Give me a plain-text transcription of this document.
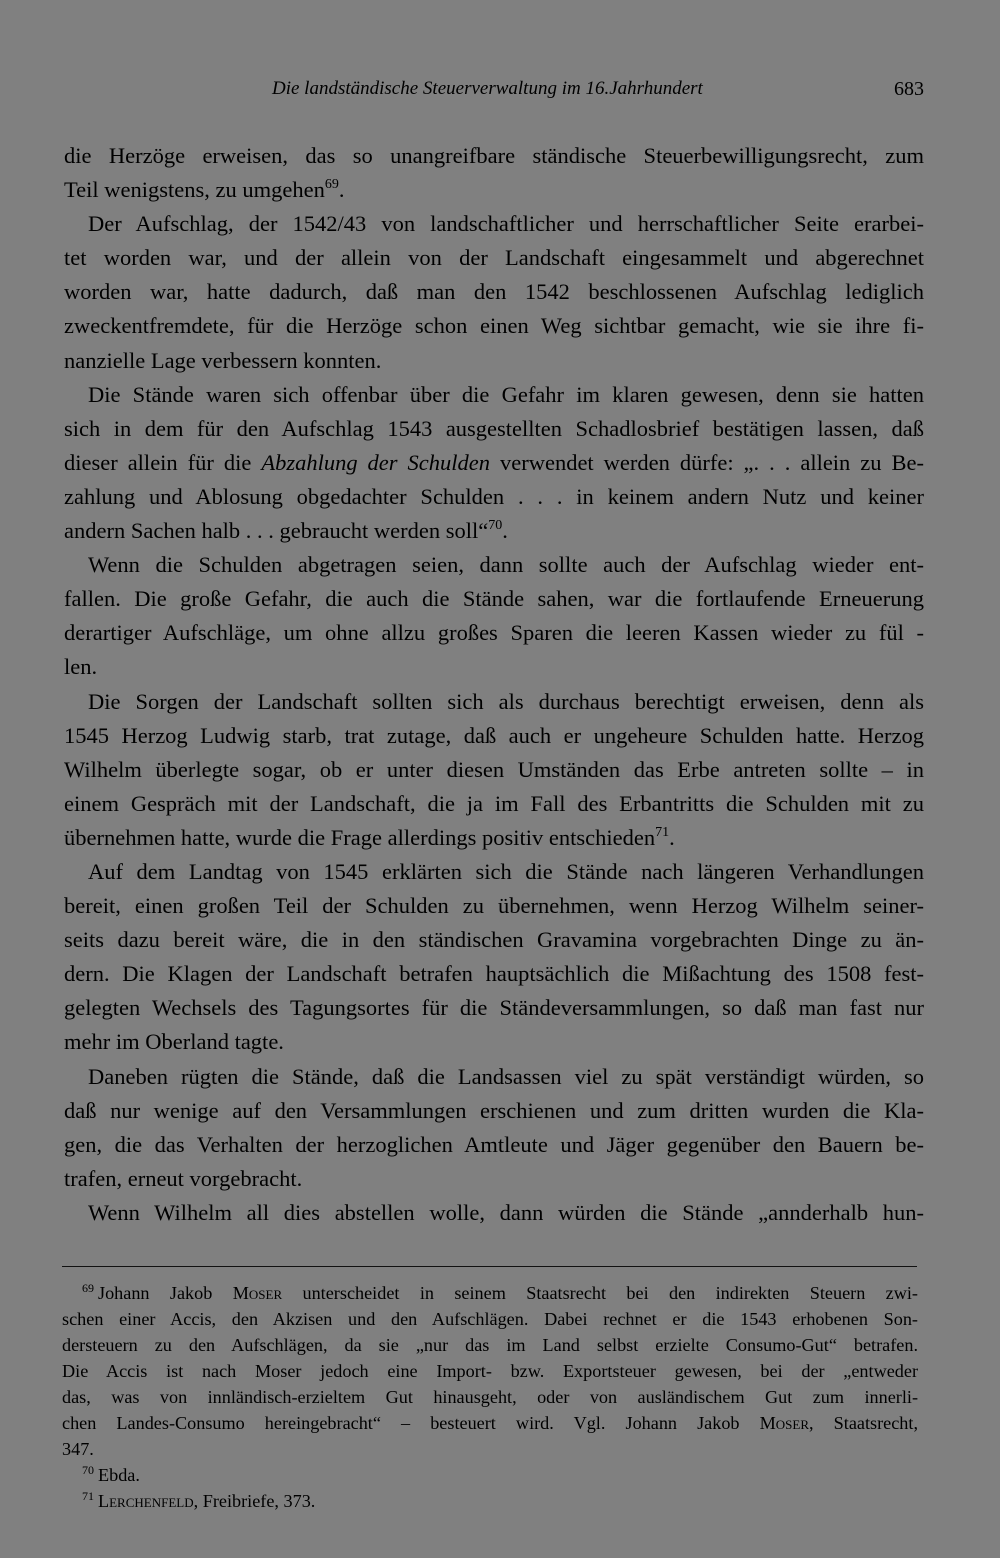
Die landständische Steuerverwaltung im 16.Jahrhundert	683

die Herzöge erweisen, das so unangreifbare ständische Steuerbewilligungsrecht, zum
Teil wenigstens, zu umgehen$^{69}$.

Der Aufschlag, der 1542/43 von landschaftlicher und herrschaftlicher Seite erarbei-
tet worden war, und der allein von der Landschaft eingesammelt und abgerechnet
worden war, hatte dadurch, daß man den 1542 beschlossenen Aufschlag lediglich
zweckentfremdete, für die Herzöge schon einen Weg sichtbar gemacht, wie sie ihre fi-
nanzielle Lage verbessern konnten.

Die Stände waren sich offenbar über die Gefahr im klaren gewesen, denn sie hatten
sich in dem für den Aufschlag 1543 ausgestellten Schadlosbrief bestätigen lassen, daß
dieser allein für die Abzahlung der Schulden verwendet werden dürfe: „. . . allein zu Be-
zahlung und Ablosung obgedachter Schulden . . . in keinem andern Nutz und keiner
andern Sachen halb . . . gebraucht werden soll“$^{70}$.

Wenn die Schulden abgetragen seien, dann sollte auch der Aufschlag wieder ent-
fallen. Die große Gefahr, die auch die Stände sahen, war die fortlaufende Erneuerung
derartiger Aufschläge, um ohne allzu großes Sparen die leeren Kassen wieder zu fül -
len.

Die Sorgen der Landschaft sollten sich als durchaus berechtigt erweisen, denn als
1545 Herzog Ludwig starb, trat zutage, daß auch er ungeheure Schulden hatte. Herzog
Wilhelm überlegte sogar, ob er unter diesen Umständen das Erbe antreten sollte – in
einem Gespräch mit der Landschaft, die ja im Fall des Erbantritts die Schulden mit zu
übernehmen hatte, wurde die Frage allerdings positiv entschieden$^{71}$.

Auf dem Landtag von 1545 erklärten sich die Stände nach längeren Verhandlungen
bereit, einen großen Teil der Schulden zu übernehmen, wenn Herzog Wilhelm seiner-
seits dazu bereit wäre, die in den ständischen Gravamina vorgebrachten Dinge zu än-
dern. Die Klagen der Landschaft betrafen hauptsächlich die Mißachtung des 1508 fest-
gelegten Wechsels des Tagungsortes für die Ständeversammlungen, so daß man fast nur
mehr im Oberland tagte.

Daneben rügten die Stände, daß die Landsassen viel zu spät verständigt würden, so
daß nur wenige auf den Versammlungen erschienen und zum dritten wurden die Kla-
gen, die das Verhalten der herzoglichen Amtleute und Jäger gegenüber den Bauern be-
trafen, erneut vorgebracht.

Wenn Wilhelm all dies abstellen wolle, dann würden die Stände „annderhalb hun-

$^{69}$ Johann Jakob Moser unterscheidet in seinem Staatsrecht bei den indirekten Steuern zwi-
schen einer Accis, den Akzisen und den Aufschlägen. Dabei rechnet er die 1543 erhobenen Son-
dersteuern zu den Aufschlägen, da sie „nur das im Land selbst erzielte Consumo-Gut“ betrafen.
Die Accis ist nach Moser jedoch eine Import- bzw. Exportsteuer gewesen, bei der „entweder
das, was von innländisch-erzieltem Gut hinausgeht, oder von ausländischem Gut zum innerli-
chen Landes-Consumo hereingebracht“ – besteuert wird. Vgl. Johann Jakob Moser, Staatsrecht,
347.

$^{70}$ Ebda.

$^{71}$ Lerchenfeld, Freibriefe, 373.
